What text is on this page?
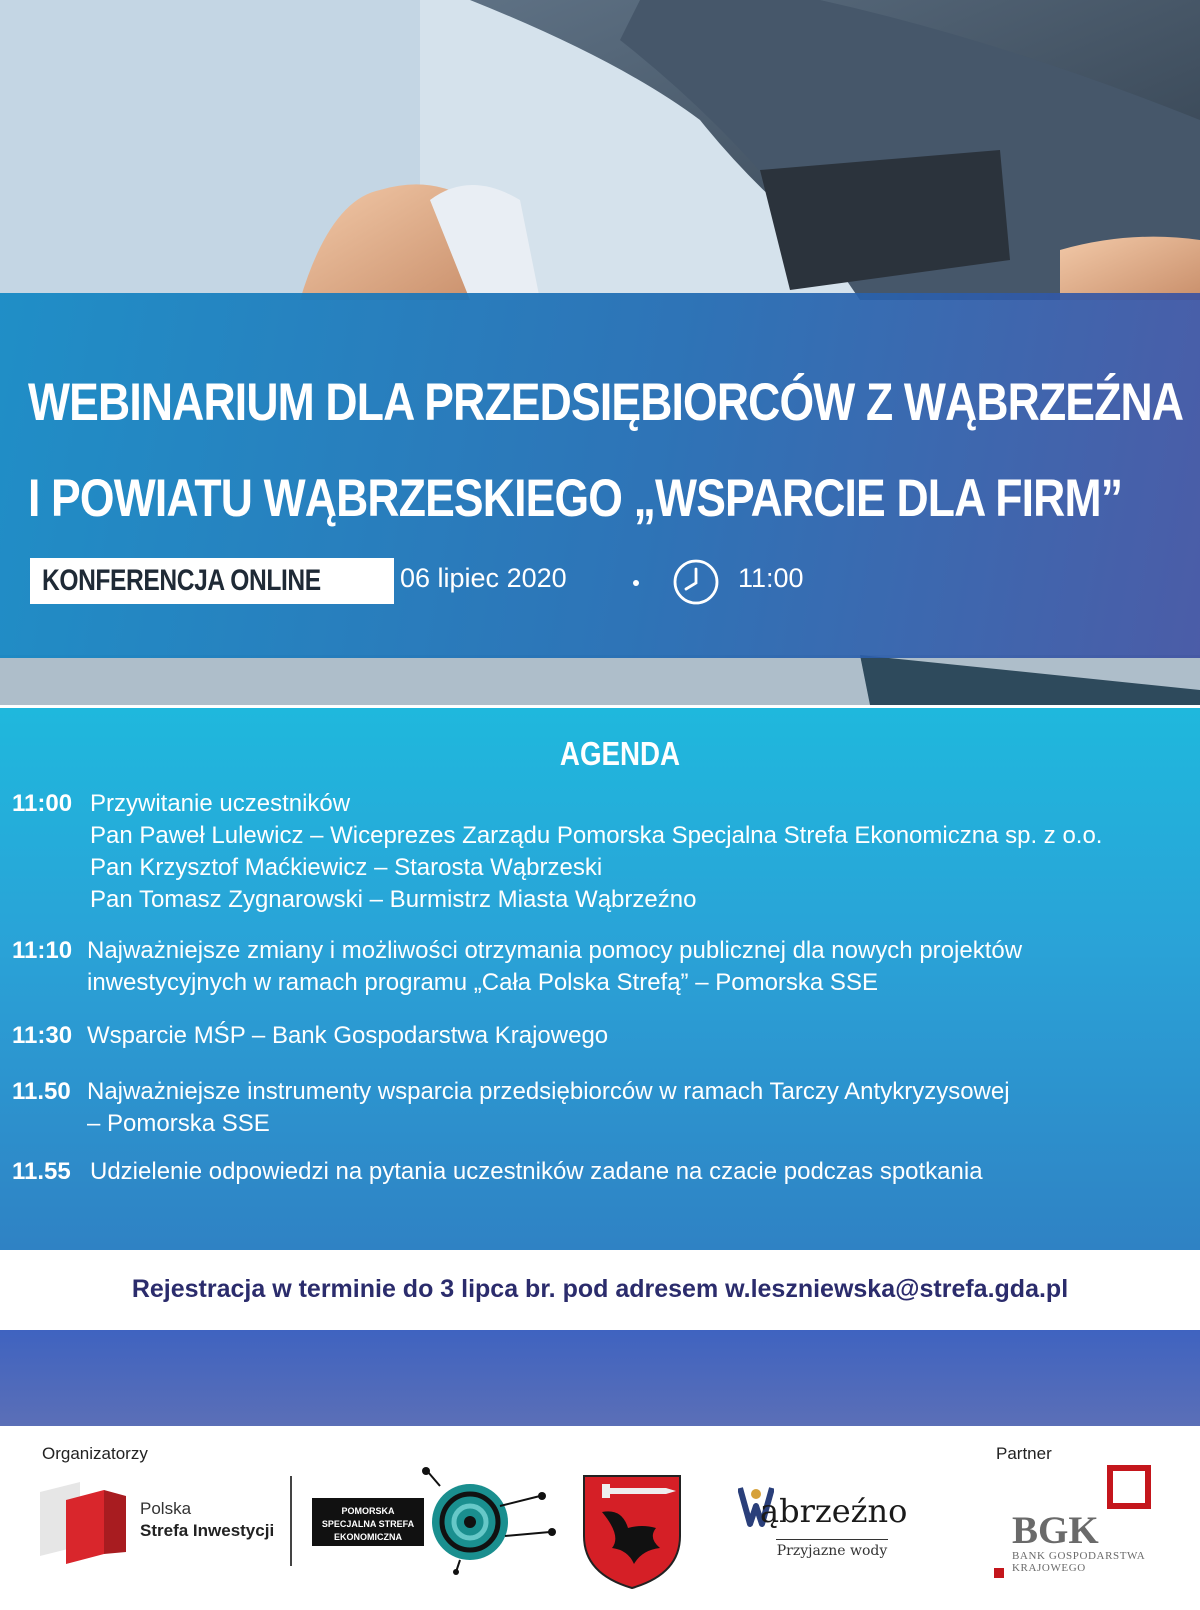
WEBINARIUM DLA PRZEDSIĘBIORCÓW Z WĄBRZEŹNA
I POWIATU WĄBRZESKIEGO „WSPARCIE DLA FIRM”
KONFERENCJA ONLINE	6 06 lipiec 2020	11:00
AGENDA
11:00 Przywitanie uczestników
Pan Paweł Lulewicz – Wiceprezes Zarządu Pomorska Specjalna Strefa Ekonomiczna sp. z o.o.
Pan Krzysztof Maćkiewicz – Starosta Wąbrzeski
Pan Tomasz Zygnarowski – Burmistrz Miasta Wąbrzeźno
11:10 Najważniejsze zmiany i możliwości otrzymania pomocy publicznej dla nowych projektów
inwestycyjnych w ramach programu „Cała Polska Strefą” – Pomorska SSE
11:30 Wsparcie MŚP – Bank Gospodarstwa Krajowego
11.50 Najważniejsze instrumenty wsparcia przedsiębiorców w ramach Tarczy Antykryzysowej
– Pomorska SSE
11.55 Udzielenie odpowiedzi na pytania uczestników zadane na czacie podczas spotkania
Rejestracja w terminie do 3 lipca br. pod adresem w.leszniewska@strefa.gda.pl
Organizatorzy	Partner
Polska
Strefa Inwestycji
POMORSKA
SPECJALNA STREFA
EKONOMICZNA
ąbrzeźno
Przyjazne wody	BGK
BANK GOSPODARSTWA KRAJOWEGO
